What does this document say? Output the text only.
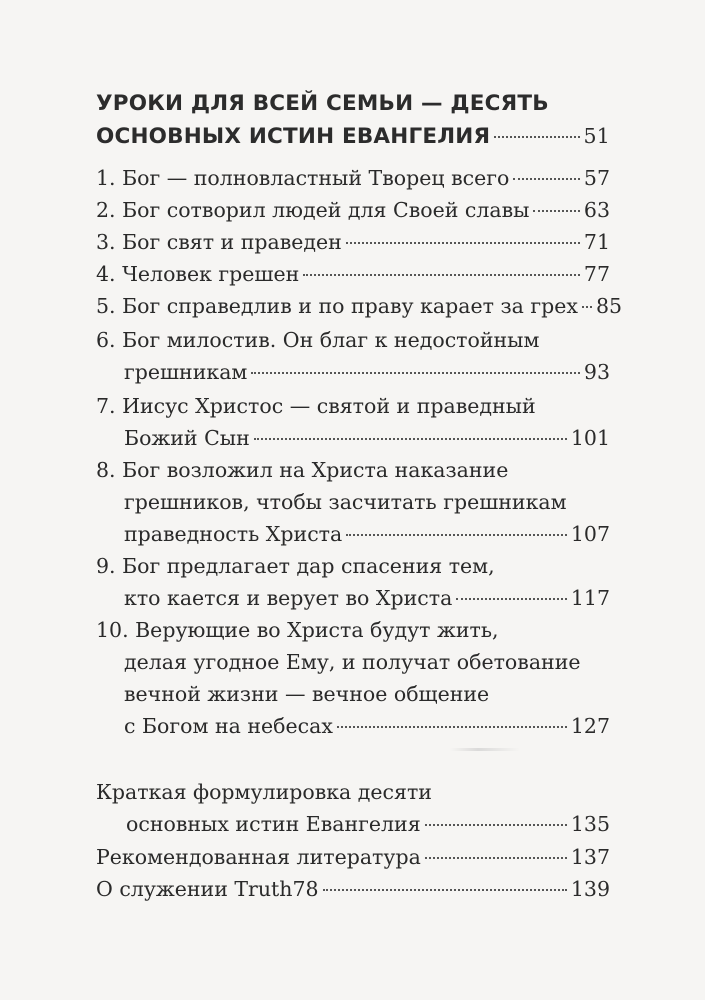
УРОКИ ДЛЯ ВСЕЙ СЕМЬИ — ДЕСЯТЬ
ОСНОВНЫХ ИСТИН ЕВАНГЕЛИЯ	51
1. Бог — полновластный Творец всего	57
2. Бог сотворил людей для Своей славы	63
3. Бог свят и праведен	71
4. Человек грешен	77
5. Бог справедлив и по праву карает за грех 85
6. Бог милостив. Он благ к недостойным
грешникам	93
7. Иисус Христос — святой и праведный
Божий Сын	101
8. Бог возложил на Христа наказание
грешников, чтобы засчитать грешникам
праведность Христа	107
9. Бог предлагает дар спасения тем,
кто кается и верует во Христа	117
10. Верующие во Христа будут жить,
делая угодное Ему, и получат обетование
вечной жизни — вечное общение
с Богом на небесах	127
Краткая формулировка десяти
основных истин Евангелия	135
Рекомендованная литература	137
О служении Truth78	139
